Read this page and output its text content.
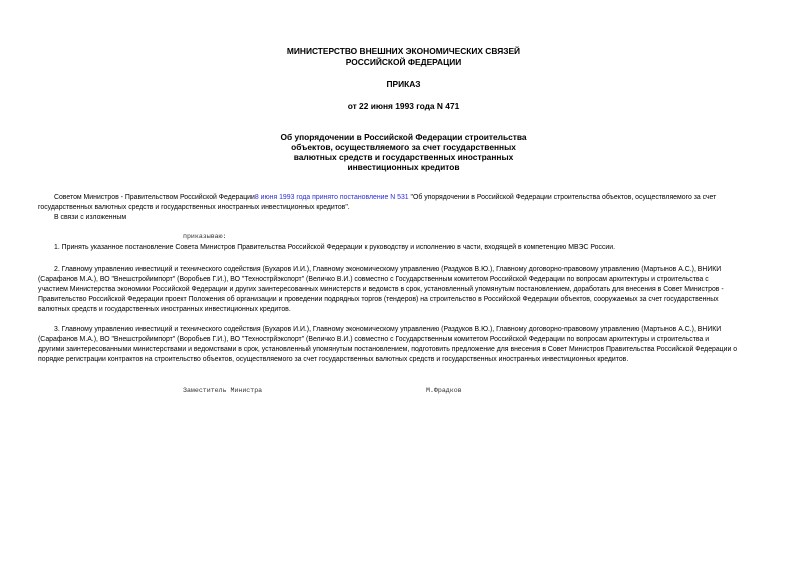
МИНИСТЕРСТВО ВНЕШНИХ ЭКОНОМИЧЕСКИХ СВЯЗЕЙ
РОССИЙСКОЙ ФЕДЕРАЦИИ
ПРИКАЗ
от 22 июня 1993 года N 471
Об упорядочении в Российской Федерации строительства
объектов, осуществляемого за счет государственных
валютных средств и государственных иностранных
инвестиционных кредитов
Советом Министров - Правительством Российской Федерации8 июня 1993 года принято постановление N 531 "Об упорядочении в Российской Федерации строительства объектов, осуществляемого за счет
государственных валютных средств и государственных иностранных инвестиционных кредитов".
В связи с изложенным
приказываю:
1. Принять указанное постановление Совета Министров Правительства Российской Федерации к руководству и исполнению в части, входящей в компетенцию МВЭС России.
2. Главному управлению инвестиций и технического содействия (Бухаров И.И.), Главному экономическому управлению (Раздуков В.Ю.), Главному договорно-правовому управлению (Мартынов А.С.), ВНИКИ
(Сарафанов М.А.), ВО "Внешстройимпорт" (Воробьев Г.И.), ВО "Технострйэкспорт" (Величко В.И.) совместно с Государственным комитетом Российской Федерации по вопросам архитектуры и строительства с
участием Министерства экономики Российской Федерации и других заинтересованных министерств и ведомств в срок, установленный упомянутым постановлением, доработать для внесения в Совет Министров -
Правительство Российской Федерации проект Положения об организации и проведении подрядных торгов (тендеров) на строительство в Российской Федерации объектов, сооружаемых за счет государственных
валютных средств и государственных иностранных инвестиционных кредитов.
3. Главному управлению инвестиций и технического содействия (Бухаров И.И.), Главному экономическому управлению (Раздуков В.Ю.), Главному договорно-правовому управлению (Мартынов А.С.), ВНИКИ
(Сарафанов М.А.), ВО "Внешстройимпорт" (Воробьев Г.И.), ВО "Технострйэкспорт" (Величко В.И.) совместно с Государственным комитетом Российской Федерации по вопросам архитектуры и строительства и
другими заинтересованными министерствами и ведомствами в срок, установленный упомянутым постановлением, подготовить предложение для внесения в Совет Министров Правительства Российской Федерации о
порядке регистрации контрактов на строительство объектов, осуществляемого за счет государственных валютных средств и государственных иностранных инвестиционных кредитов.
Заместитель Министра	М.Фрадков
